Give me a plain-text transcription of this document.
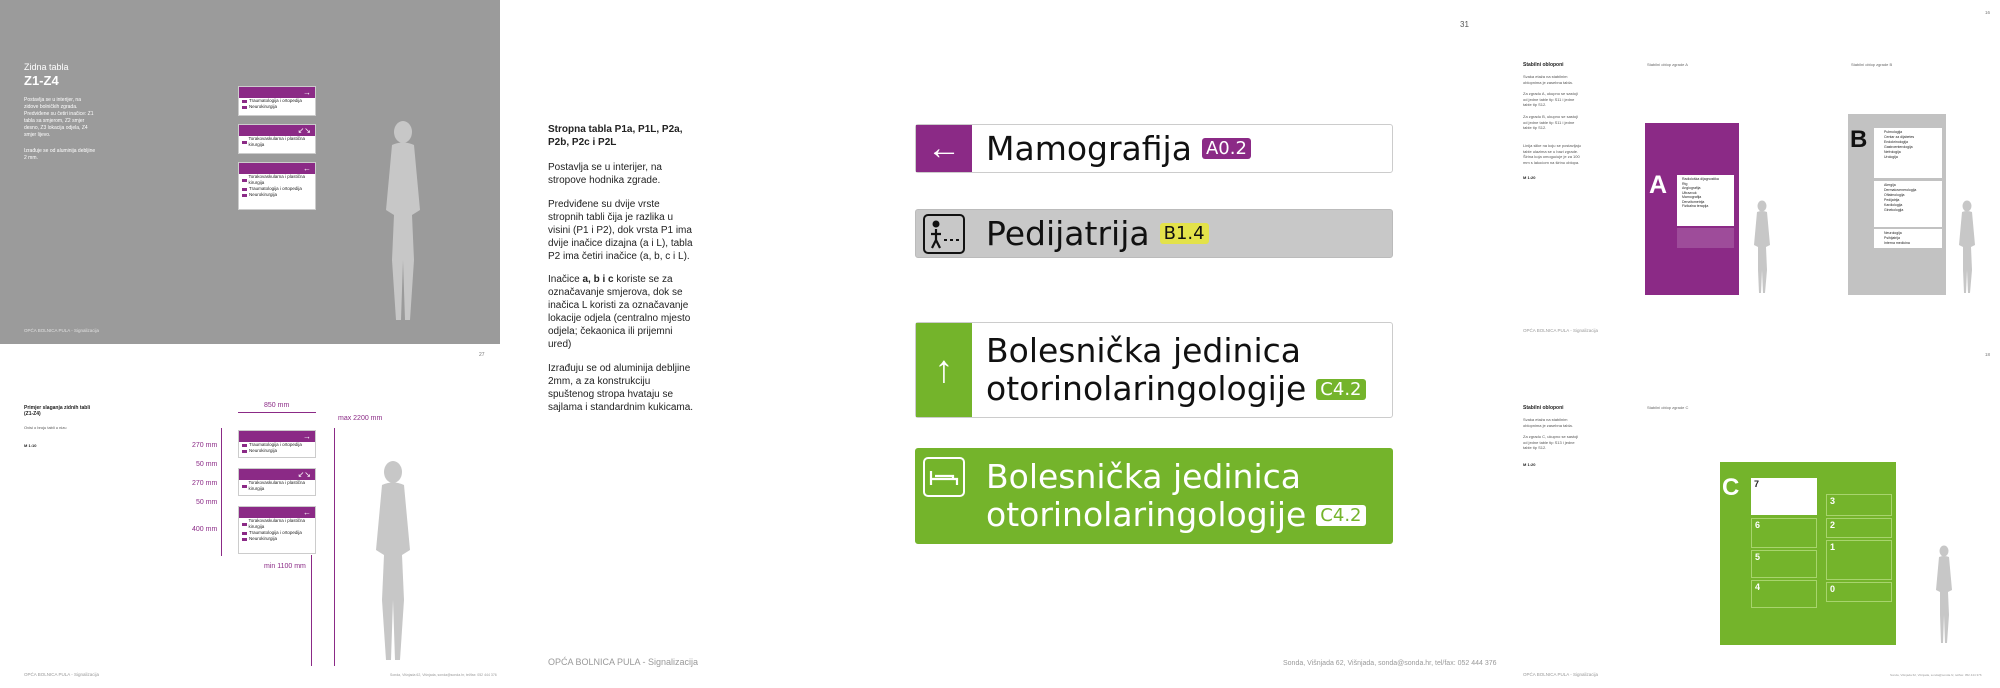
Zidna tabla
Z1-Z4
Postavlja se u interijer, na zidove bolničkih zgrada. Predviđene su četiri inačice: Z1 tabla sa smjerom, Z2 smjer desno, Z3 lokacija odjela, Z4 smjer lijevo.
Izrađuje se od aluminija debljine 2 mm.
OPĆA BOLNICA PULA - Signalizacija
→
Traumatologija i ortopedija
Neurokirurgija
↙↘
Torakovaskularna i plastična kirurgija
←
Torakovaskularna i plastična kirurgija
Traumatologija i ortopedija
Neurokirurgija
27
Primjer slaganja zidnih tabli (Z1-Z4)
Ovisi o broju tabli u nizu
M 1:10
850 mm
max 2200 mm
270 mm
50 mm
270 mm
50 mm
400 mm
min 1100 mm
→
Traumatologija i ortopedija
Neurokirurgija
↙↘
Torakovaskularna i plastična kirurgija
←
Torakovaskularna i plastična kirurgija
Traumatologija i ortopedija
Neurokirurgija
OPĆA BOLNICA PULA - Signalizacija	Sonda, Višnjada 62, Višnjada, sonda@sonda.hr, tel/fax: 052 444 376
31
Stropna tabla P1a, P1L, P2a, P2b, P2c i P2L
Postavlja se u interijer, na stropove hodnika zgrade.
Predviđene su dvije vrste stropnih tabli čija je razlika u visini (P1 i P2), dok vrsta P1 ima dvije inačice dizajna (a i L), tabla P2 ima četiri inačice (a, b, c i L).
Inačice a, b i c koriste se za označavanje smjerova, dok se inačica L koristi za označavanje lokacije odjela (centralno mjesto odjela; čekaonica ili prijemni ured)
Izrađuju se od aluminija debljine 2mm, a za konstrukciju spuštenog stropa hvataju se sajlama i standardnim kukicama.
OPĆA BOLNICA PULA - Signalizacija	Sonda, Višnjada 62, Višnjada, sonda@sonda.hr, tel/fax: 052 444 376
← Mamografija A0.2
Pedijatrija B1.4
↑ Bolesnička jedinica
otorinolaringologije C4.2
Bolesnička jedinica
otorinolaringologije C4.2
16
Stabilni obloponi
Svaka etaža na stabilnim oblopnima je zasebna tabla.
Za zgradu A, ukupno se sastoji od jedne table tip S11 i jedne table tip S12.
Za zgradu B, ukupno se sastoji od jedne table tip S11 i jedne table tip S12.
Linija slike na koju se postavljaju table ulazima se u bazi zgrade. Širina koja omogućuje je za 100 mm s lakoćom na širinu oblopa.
M 1:20
Stabilni oblop zgrade A	Stabilni oblop zgrade B
OPĆA BOLNICA PULA - Signalizacija
A	Radiološka dijagnostika
Rtg
Angiografija
Ultrazvuk
Mamografija
Denzitometrija
Fizikalna terapija
B	Pulmologija
Centar za dijabetes
Endokrinologija
Gastroenterologija
Nefrologija
Urologija
Alergija
Dermatovenerologija
Oftalmologija
Pedijatrija
Kardiologija
Ginekologija
Neurologija
Psihijatrija
Interna medicina
18
Stabilni obloponi
Svaka etaža na stabilnim oblopnima je zasebna tabla.
Za zgradu C, ukupno se sastoji od jedne table tip S13 i jedne table tip S12.
M 1:20
Stabilni oblop zgrade C
C	7
6
5
4
3
2
1
0
OPĆA BOLNICA PULA - Signalizacija	Sonda, Višnjada 62, Višnjada, sonda@sonda.hr, tel/fax: 052 444 376
